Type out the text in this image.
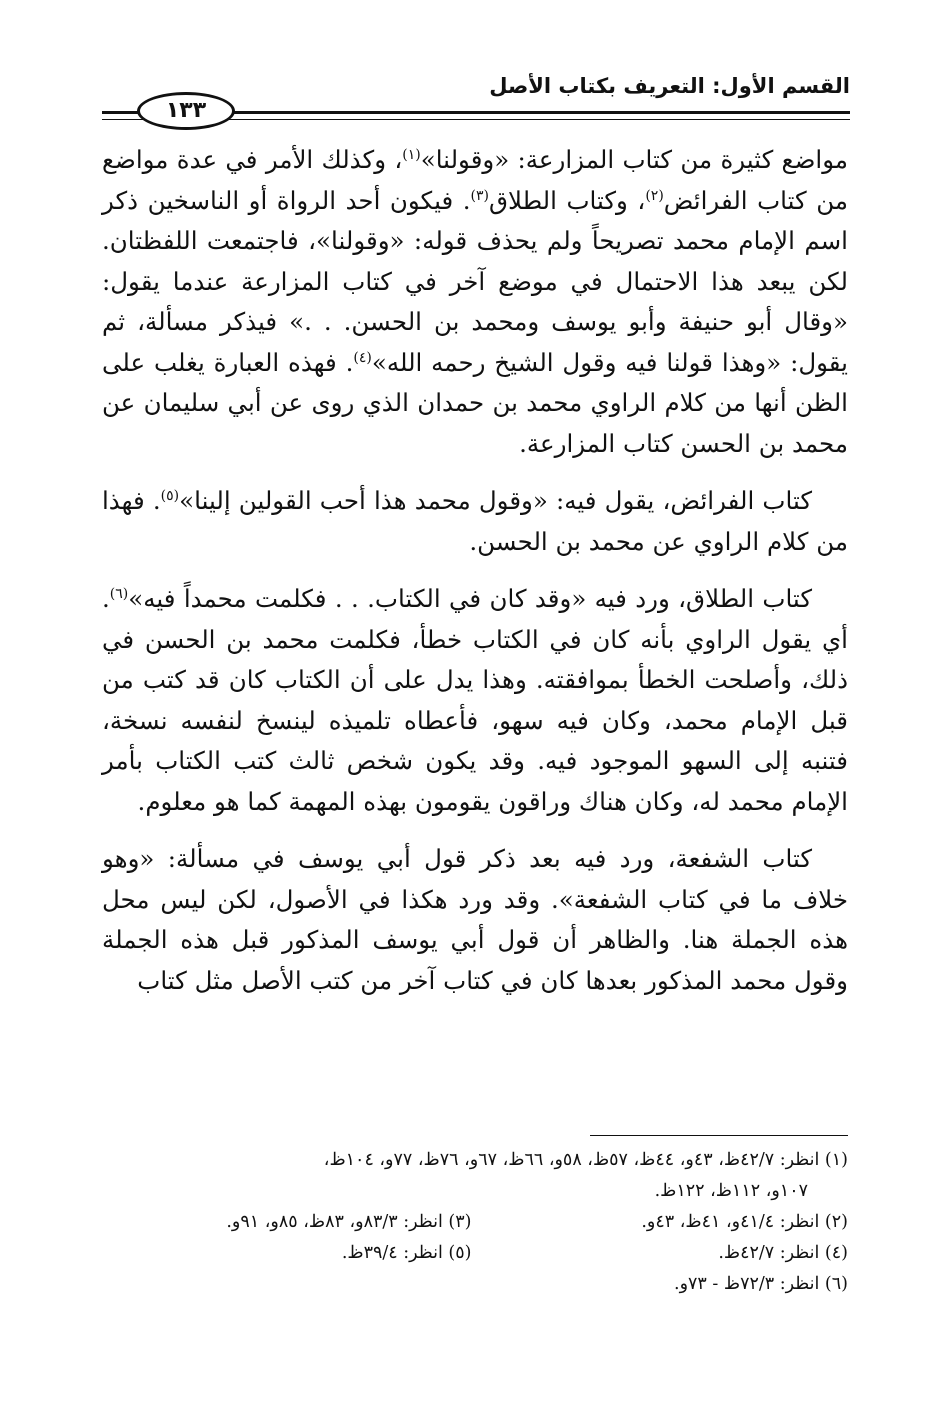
القسم الأول: التعريف بكتاب الأصل
١٣٣

مواضع كثيرة من كتاب المزارعة: «وقولنا»$^{(١)}$، وكذلك الأمر في عدة مواضع من كتاب الفرائض$^{(٢)}$، وكتاب الطلاق$^{(٣)}$. فيكون أحد الرواة أو الناسخين ذكر اسم الإمام محمد تصريحاً ولم يحذف قوله: «وقولنا»، فاجتمعت اللفظتان. لكن يبعد هذا الاحتمال في موضع آخر في كتاب المزارعة عندما يقول: «وقال أبو حنيفة وأبو يوسف ومحمد بن الحسن. . .» فيذكر مسألة، ثم يقول: «وهذا قولنا فيه وقول الشيخ رحمه الله»$^{(٤)}$. فهذه العبارة يغلب على الظن أنها من كلام الراوي محمد بن حمدان الذي روى عن أبي سليمان عن محمد بن الحسن كتاب المزارعة.

كتاب الفرائض، يقول فيه: «وقول محمد هذا أحب القولين إلينا»$^{(٥)}$. فهذا من كلام الراوي عن محمد بن الحسن.

كتاب الطلاق، ورد فيه «وقد كان في الكتاب. . . فكلمت محمداً فيه»$^{(٦)}$. أي يقول الراوي بأنه كان في الكتاب خطأ، فكلمت محمد بن الحسن في ذلك، وأصلحت الخطأ بموافقته. وهذا يدل على أن الكتاب كان قد كتب من قبل الإمام محمد، وكان فيه سهو، فأعطاه تلميذه لينسخ لنفسه نسخة، فتنبه إلى السهو الموجود فيه. وقد يكون شخص ثالث كتب الكتاب بأمر الإمام محمد له، وكان هناك وراقون يقومون بهذه المهمة كما هو معلوم.

كتاب الشفعة، ورد فيه بعد ذكر قول أبي يوسف في مسألة: «وهو خلاف ما في كتاب الشفعة». وقد ورد هكذا في الأصول، لكن ليس محل هذه الجملة هنا. والظاهر أن قول أبي يوسف المذكور قبل هذه الجملة وقول محمد المذكور بعدها كان في كتاب آخر من كتب الأصل مثل كتاب

(١) انظر: ٤٢/٧ظ، ٤٣و، ٤٤ظ، ٥٧ظ، ٥٨و، ٦٦ظ، ٦٧و، ٧٦ظ، ٧٧و، ١٠٤ظ،
١٠٧و، ١١٢ظ، ١٢٢ظ.
(٢) انظر: ٤١/٤و، ٤١ظ، ٤٣و.
(٣) انظر: ٨٣/٣و، ٨٣ظ، ٨٥و، ٩١و.
(٤) انظر: ٤٢/٧ظ.
(٥) انظر: ٣٩/٤ظ.
(٦) انظر: ٧٢/٣ظ - ٧٣و.
